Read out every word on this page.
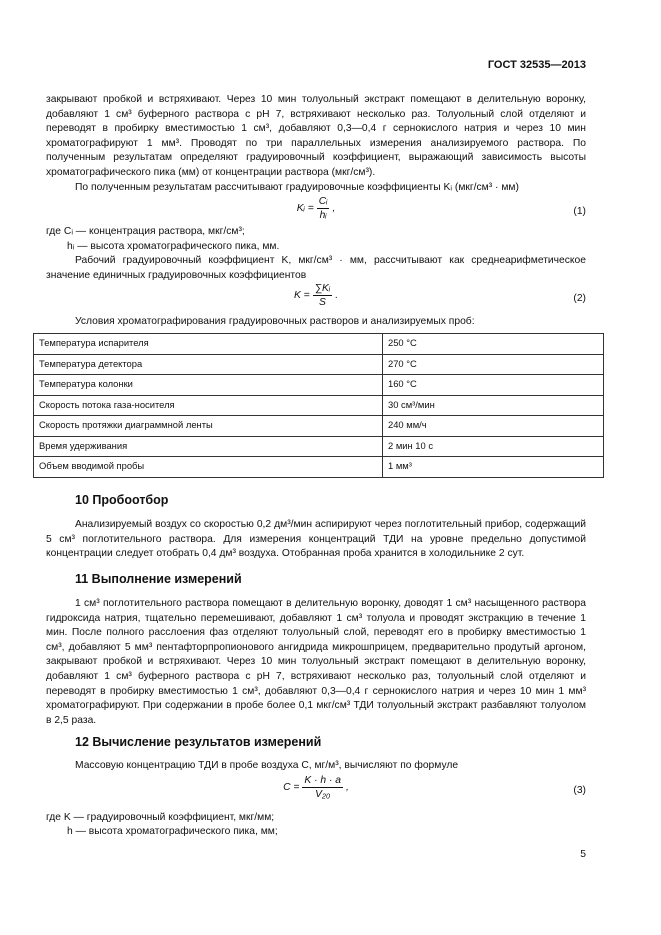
ГОСТ 32535—2013
закрывают пробкой и встряхивают. Через 10 мин толуольный экстракт помещают в делительную воронку, добавляют 1 см³ буферного раствора с pH 7, встряхивают несколько раз. Толуольный слой отделяют и переводят в пробирку вместимостью 1 см³, добавляют 0,3—0,4 г сернокислого натрия и через 10 мин хроматографируют 1 мм³. Проводят по три параллельных измерения анализируемого раствора. По полученным результатам определяют градуировочный коэффициент, выражающий зависимость высоты хроматографического пика (мм) от концентрации раствора (мкг/см³).
По полученным результатам рассчитывают градуировочные коэффициенты Kᵢ (мкг/см³ · мм)
Kᵢ = $\frac{\text{Cᵢ}}{\text{hᵢ}}$ ,	(1)
где Cᵢ — концентрация раствора, мкг/см³;
hᵢ — высота хроматографического пика, мм.
Рабочий градуировочный коэффициент K, мкг/см³ · мм, рассчитывают как среднеарифметическое значение единичных градуировочных коэффициентов
$K = \frac{\text{∑Kᵢ}}{S}$ .	(2)
Условия хроматографирования градуировочных растворов и анализируемых проб:
Температура испарителя	250 °C
Температура детектора	270 °C
Температура колонки	160 °C
Скорость потока газа-носителя	30 см³/мин
Скорость протяжки диаграммной ленты	240 мм/ч
Время удерживания	2 мин 10 с
Объем вводимой пробы	1 мм³
10 Пробоотбор
Анализируемый воздух со скоростью 0,2 дм³/мин аспирируют через поглотительный прибор, содержащий 5 см³ поглотительного раствора. Для измерения концентраций ТДИ на уровне предельно допустимой концентрации следует отобрать 0,4 дм³ воздуха. Отобранная проба хранится в холодильнике 2 сут.
11 Выполнение измерений
1 см³ поглотительного раствора помещают в делительную воронку, доводят 1 см³ насыщенного раствора гидроксида натрия, тщательно перемешивают, добавляют 1 см³ толуола и проводят экстракцию в течение 1 мин. После полного расслоения фаз отделяют толуольный слой, переводят его в пробирку вместимостью 1 см³, добавляют 5 мм³ пентафторпропионового ангидрида микрошприцем, предварительно продутый аргоном, закрывают пробкой и встряхивают. Через 10 мин толуольный экстракт помещают в делительную воронку, добавляют 1 см³ буферного раствора с pH 7, встряхивают несколько раз, толуольный слой отделяют и переводят в пробирку вместимостью 1 см³, добавляют 0,3—0,4 г сернокислого натрия и через 10 мин 1 мм³ хроматографируют. При содержании в пробе более 0,1 мкг/см³ ТДИ толуольный экстракт разбавляют толуолом в 2,5 раза.
12 Вычисление результатов измерений
Массовую концентрацию ТДИ в пробе воздуха C, мг/м³, вычисляют по формуле
$C = \frac{K \cdot h \cdot a}{\text{V₂₀}}$ ,	(3)
где K — градуировочный коэффициент, мкг/мм;
h — высота хроматографического пика, мм;
5
